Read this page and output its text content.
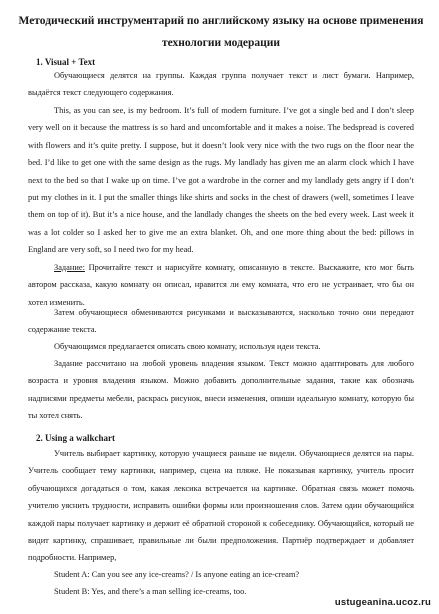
Методический инструментарий по английскому языку на основе применения технологии модерации
1. Visual + Text

Обучающиеся делятся на группы. Каждая группа получает текст и лист бумаги. Например, выдаётся текст следующего содержания.

This, as you can see, is my bedroom. It’s full of modern furniture. I’ve got a single bed and I don’t sleep very well on it because the mattress is so hard and uncomfortable and it makes a noise. The bedspread is covered with flowers and it’s quite pretty. I suppose, but it doesn’t look very nice with the two rugs on the floor near the bed. I’d like to get one with the same design as the rugs. My landlady has given me an alarm clock which I have next to the bed so that I wake up on time. I’ve got a wardrobe in the corner and my landlady gets angry if I don’t put my clothes in it. I put the smaller things like shirts and socks in the chest of drawers (well, sometimes I leave them on top of it). But it’s a nice house, and the landlady changes the sheets on the bed every week. Last week it was a lot colder so I asked her to give me an extra blanket. Oh, and one more thing about the bed: pillows in England are very soft, so I need two for my head.

Задание: Прочитайте текст и нарисуйте комнату, описанную в тексте. Выскажите, кто мог быть автором рассказа, какую комнату он описал, нравится ли ему комната, что его не устраивает, что бы он хотел изменить.

Затем обучающиеся обмениваются рисунками и высказываются, насколько точно они передают содержание текста.

Обучающимся предлагается описать свою комнату, используя идеи текста.

Задание рассчитано на любой уровень владения языком. Текст можно адаптировать для любого возраста и уровня владения языком. Можно добавить дополнительные задания, такие как обозначь надписями предметы мебели, раскрась рисунок, внеси изменения, опиши идеальную комнату, которую бы ты хотел снять.

2. Using a walkchart

Учитель выбирает картинку, которую учащиеся раньше не видели. Обучающиеся делятся на пары. Учитель сообщает тему картинки, например, сцена на пляже. Не показывая картинку, учитель просит обучающихся догадаться о том, какая лексика встречается на картинке. Обратная связь может помочь учителю уяснить трудности, исправить ошибки формы или произношения слов. Затем один обучающийся каждой пары получает картинку и держит её обратной стороной к собеседнику. Обучающийся, который не видит картинку, спрашивает, правильные ли были предположения. Партнёр подтверждает и добавляет подробности. Например,

Student A: Can you see any ice-creams? / Is anyone eating an ice-cream?

Student B: Yes, and there’s a man selling ice-creams, too.

ustugeanina.ucoz.ru
